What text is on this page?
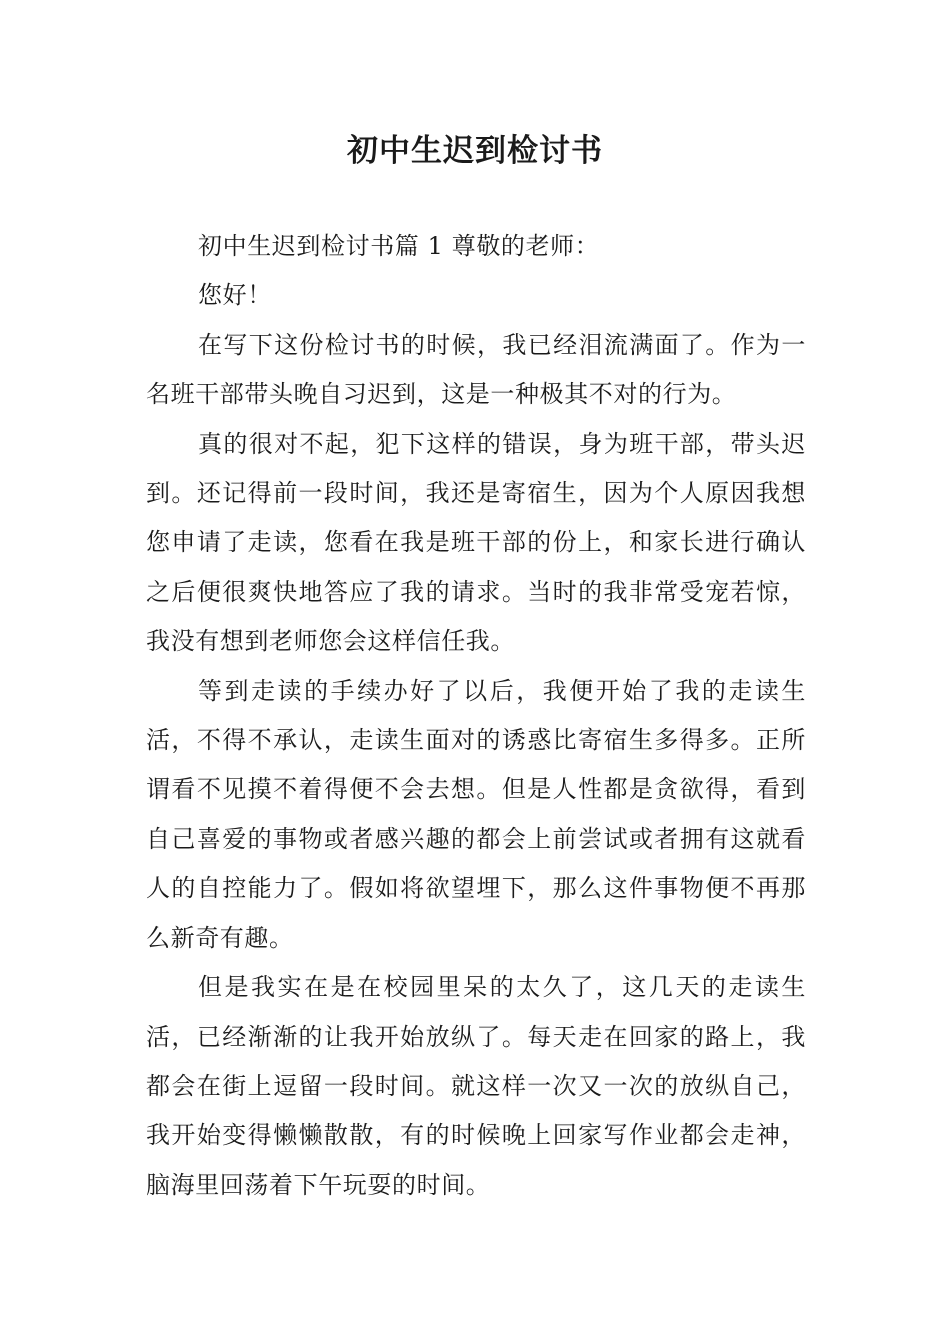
初中生迟到检讨书

初中生迟到检讨书篇 1 尊敬的老师：

您好！

在写下这份检讨书的时候，我已经泪流满面了。作为一名班干部带头晚自习迟到，这是一种极其不对的行为。

真的很对不起，犯下这样的错误，身为班干部，带头迟到。还记得前一段时间，我还是寄宿生，因为个人原因我想您申请了走读，您看在我是班干部的份上，和家长进行确认之后便很爽快地答应了我的请求。当时的我非常受宠若惊，我没有想到老师您会这样信任我。

等到走读的手续办好了以后，我便开始了我的走读生活，不得不承认，走读生面对的诱惑比寄宿生多得多。正所谓看不见摸不着得便不会去想。但是人性都是贪欲得，看到自己喜爱的事物或者感兴趣的都会上前尝试或者拥有这就看人的自控能力了。假如将欲望埋下，那么这件事物便不再那么新奇有趣。

但是我实在是在校园里呆的太久了，这几天的走读生活，已经渐渐的让我开始放纵了。每天走在回家的路上，我都会在街上逗留一段时间。就这样一次又一次的放纵自己，我开始变得懒懒散散，有的时候晚上回家写作业都会走神，脑海里回荡着下午玩耍的时间。
